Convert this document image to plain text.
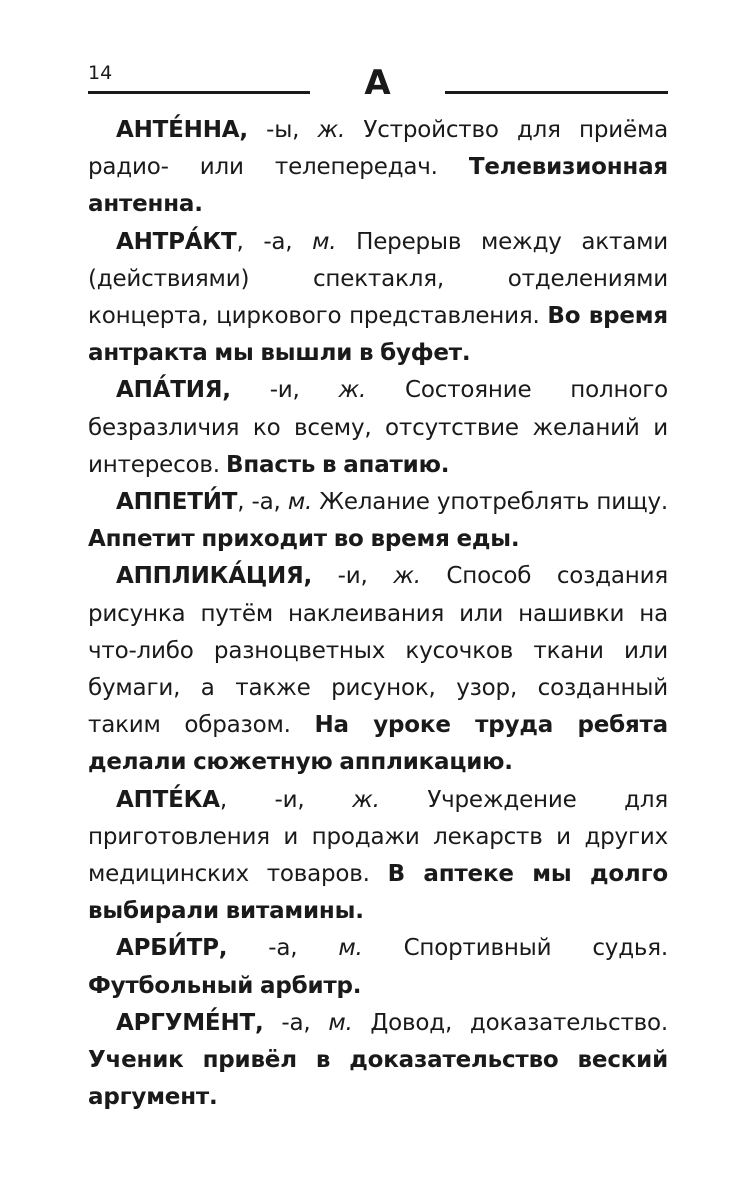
14	А

АНТЕ́ННА, -ы, ж. Устройство для приёма радио- или телепередач. Телевизионная антенна.

АНТРА́КТ, -а, м. Перерыв между актами (действиями) спектакля, отделениями концерта, циркового представления. Во время антракта мы вышли в буфет.

АПА́ТИЯ, -и, ж. Состояние полного безразличия ко всему, отсутствие желаний и интересов. Впасть в апатию.

АППЕТИ́Т, -а, м. Желание употреблять пищу. Аппетит приходит во время еды.

АППЛИКА́ЦИЯ, -и, ж. Способ создания рисунка путём наклеивания или нашивки на что-либо разноцветных кусочков ткани или бумаги, а также рисунок, узор, созданный таким образом. На уроке труда ребята делали сюжетную аппликацию.

АПТЕ́КА, -и, ж. Учреждение для приготовления и продажи лекарств и других медицинских товаров. В аптеке мы долго выбирали витамины.

АРБИ́ТР, -а, м. Спортивный судья. Футбольный арбитр.

АРГУМЕ́НТ, -а, м. Довод, доказательство. Ученик привёл в доказательство веский аргумент.
